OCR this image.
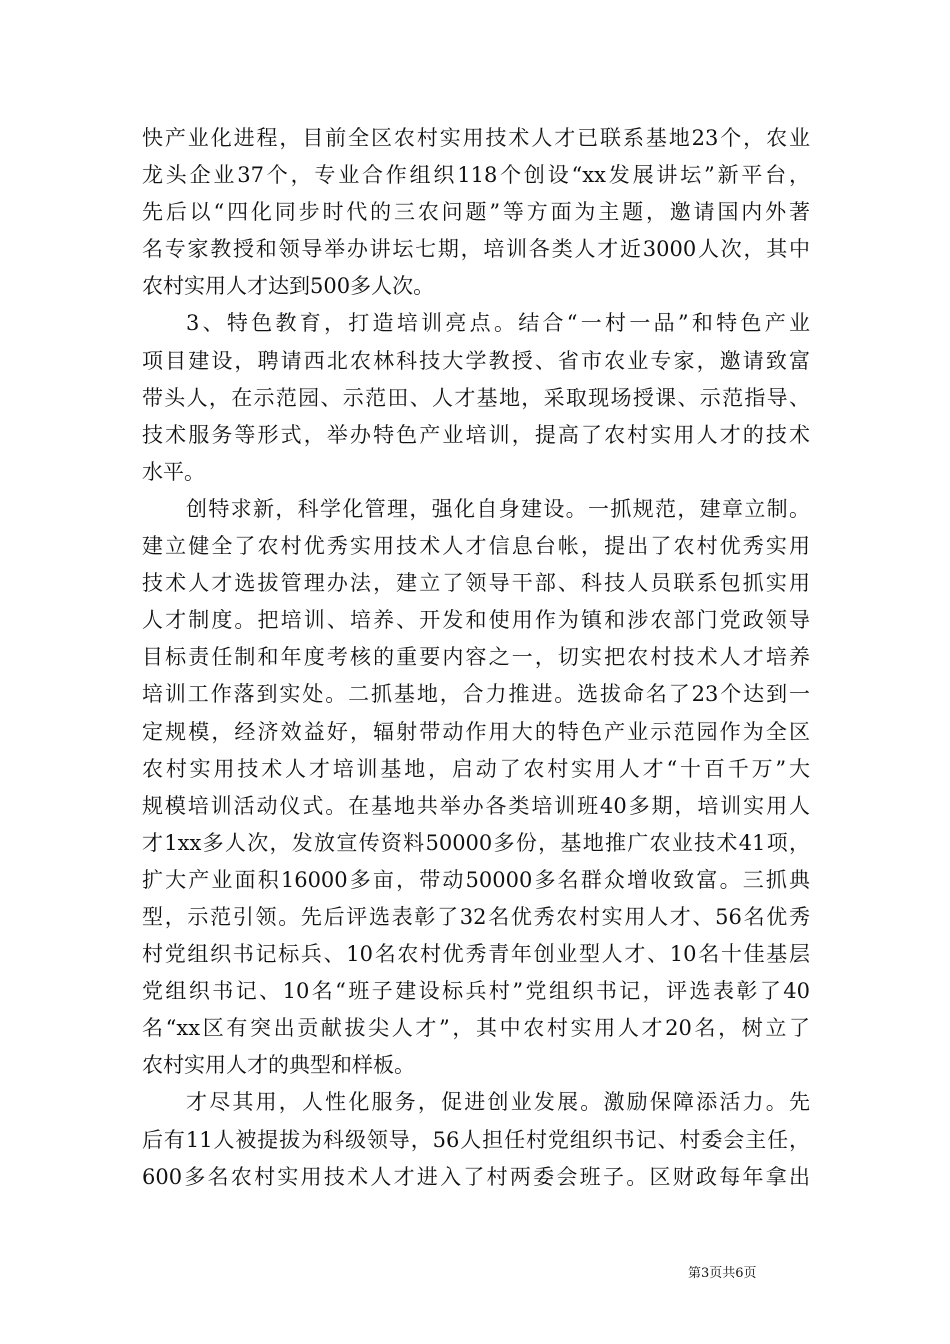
快产业化进程，目前全区农村实用技术人才已联系基地23个，农业
龙头企业37个，专业合作组织118个创设“xx发展讲坛”新平台，
先后以“四化同步时代的三农问题”等方面为主题，邀请国内外著
名专家教授和领导举办讲坛七期，培训各类人才近3000人次，其中
农村实用人才达到500多人次。
3、特色教育，打造培训亮点。结合“一村一品”和特色产业
项目建设，聘请西北农林科技大学教授、省市农业专家，邀请致富
带头人，在示范园、示范田、人才基地，采取现场授课、示范指导、
技术服务等形式，举办特色产业培训，提高了农村实用人才的技术
水平。
创特求新，科学化管理，强化自身建设。一抓规范，建章立制。
建立健全了农村优秀实用技术人才信息台帐，提出了农村优秀实用
技术人才选拔管理办法，建立了领导干部、科技人员联系包抓实用
人才制度。把培训、培养、开发和使用作为镇和涉农部门党政领导
目标责任制和年度考核的重要内容之一，切实把农村技术人才培养
培训工作落到实处。二抓基地，合力推进。选拔命名了23个达到一
定规模，经济效益好，辐射带动作用大的特色产业示范园作为全区
农村实用技术人才培训基地，启动了农村实用人才“十百千万”大
规模培训活动仪式。在基地共举办各类培训班40多期，培训实用人
才1xx多人次，发放宣传资料50000多份，基地推广农业技术41项，
扩大产业面积16000多亩，带动50000多名群众增收致富。三抓典
型，示范引领。先后评选表彰了32名优秀农村实用人才、56名优秀
村党组织书记标兵、10名农村优秀青年创业型人才、10名十佳基层
党组织书记、10名“班子建设标兵村”党组织书记，评选表彰了40
名“xx区有突出贡献拔尖人才”，其中农村实用人才20名，树立了
农村实用人才的典型和样板。
才尽其用，人性化服务，促进创业发展。激励保障添活力。先
后有11人被提拔为科级领导，56人担任村党组织书记、村委会主任，
600多名农村实用技术人才进入了村两委会班子。区财政每年拿出
第3页共6页
